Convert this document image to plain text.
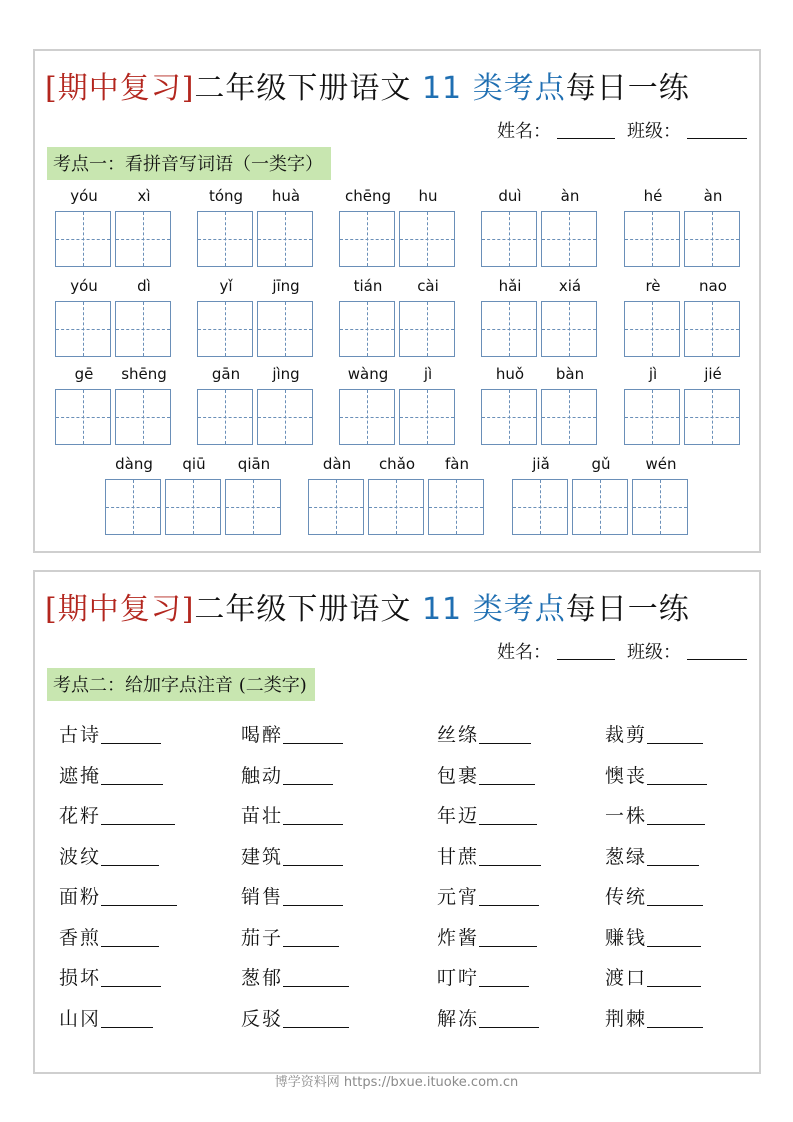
[期中复习]二年级下册语文 11 类考点每日一练
姓名：	班级：
考点一：看拼音写词语（一类字）
yóu	xì	tóng	huà	chēng	hu	duì	àn	hé	àn
yóu	dì	yǐ	jīng	tián	cài	hǎi	xiá	rè	nao
gē	shēng	gān	jìng	wàng	jì	huǒ	bàn	jì	jié
dàng	qiū	qiān	dàn	chǎo	fàn	jiǎ	gǔ	wén
[期中复习]二年级下册语文 11 类考点每日一练
姓名：	班级：
考点二：给加字点注音 (二类字)
古诗	喝醉	丝绦	裁剪
遮掩	触动	包裹	懊丧
花籽	苗壮	年迈	一株
波纹	建筑	甘蔗	葱绿
面粉	销售	元宵	传统
香煎	茄子	炸酱	赚钱
损坏	葱郁	叮咛	渡口
山冈	反驳	解冻	荆棘
博学资料网 https://bxue.ituoke.com.cn
